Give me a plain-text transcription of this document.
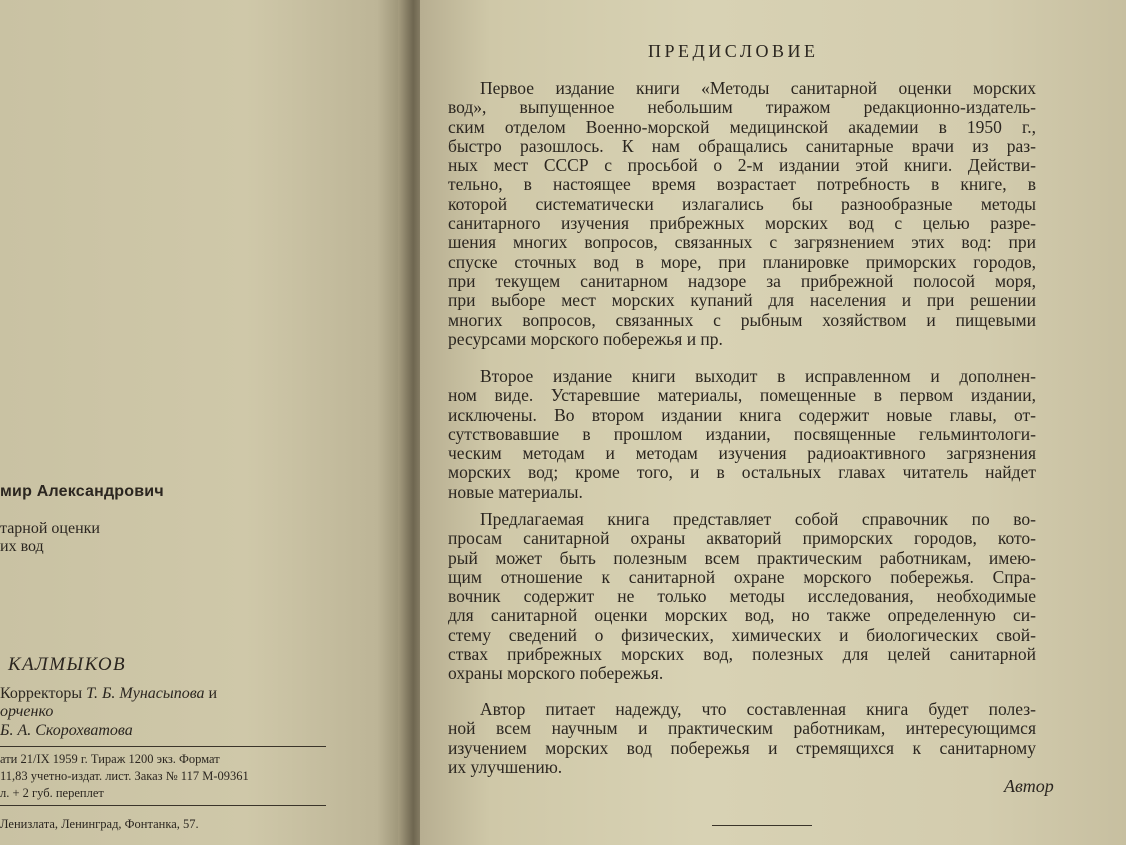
мир Александрович
тарной оценки
их вод
КАЛМЫКОВ
Корректоры Т. Б. Мунасыпова и
орченко
Б. А. Скорохватова
ати 21/IX 1959 г. Тираж 1200 экз. Формат
11,83 учетно-издат. лист. Заказ № 117 М-09361
л. + 2 губ. переплет
Ленизлата, Ленинград, Фонтанка, 57.
ПРЕДИСЛОВИЕ
Первое издание книги «Методы санитарной оценки морских
вод», выпущенное небольшим тиражом редакционно-издатель-
ским отделом Военно-морской медицинской академии в 1950 г.,
быстро разошлось. К нам обращались санитарные врачи из раз-
ных мест СССР с просьбой о 2-м издании этой книги. Действи-
тельно, в настоящее время возрастает потребность в книге, в
которой систематически излагались бы разнообразные методы
санитарного изучения прибрежных морских вод с целью разре-
шения многих вопросов, связанных с загрязнением этих вод: при
спуске сточных вод в море, при планировке приморских городов,
при текущем санитарном надзоре за прибрежной полосой моря,
при выборе мест морских купаний для населения и при решении
многих вопросов, связанных с рыбным хозяйством и пищевыми
ресурсами морского побережья и пр.
Второе издание книги выходит в исправленном и дополнен-
ном виде. Устаревшие материалы, помещенные в первом издании,
исключены. Во втором издании книга содержит новые главы, от-
сутствовавшие в прошлом издании, посвященные гельминтологи-
ческим методам и методам изучения радиоактивного загрязнения
морских вод; кроме того, и в остальных главах читатель найдет
новые материалы.
Предлагаемая книга представляет собой справочник по во-
просам санитарной охраны акваторий приморских городов, кото-
рый может быть полезным всем практическим работникам, имею-
щим отношение к санитарной охране морского побережья. Спра-
вочник содержит не только методы исследования, необходимые
для санитарной оценки морских вод, но также определенную си-
стему сведений о физических, химических и биологических свой-
ствах прибрежных морских вод, полезных для целей санитарной
охраны морского побережья.
Автор питает надежду, что составленная книга будет полез-
ной всем научным и практическим работникам, интересующимся
изучением морских вод побережья и стремящихся к санитарному
их улучшению.
Автор
